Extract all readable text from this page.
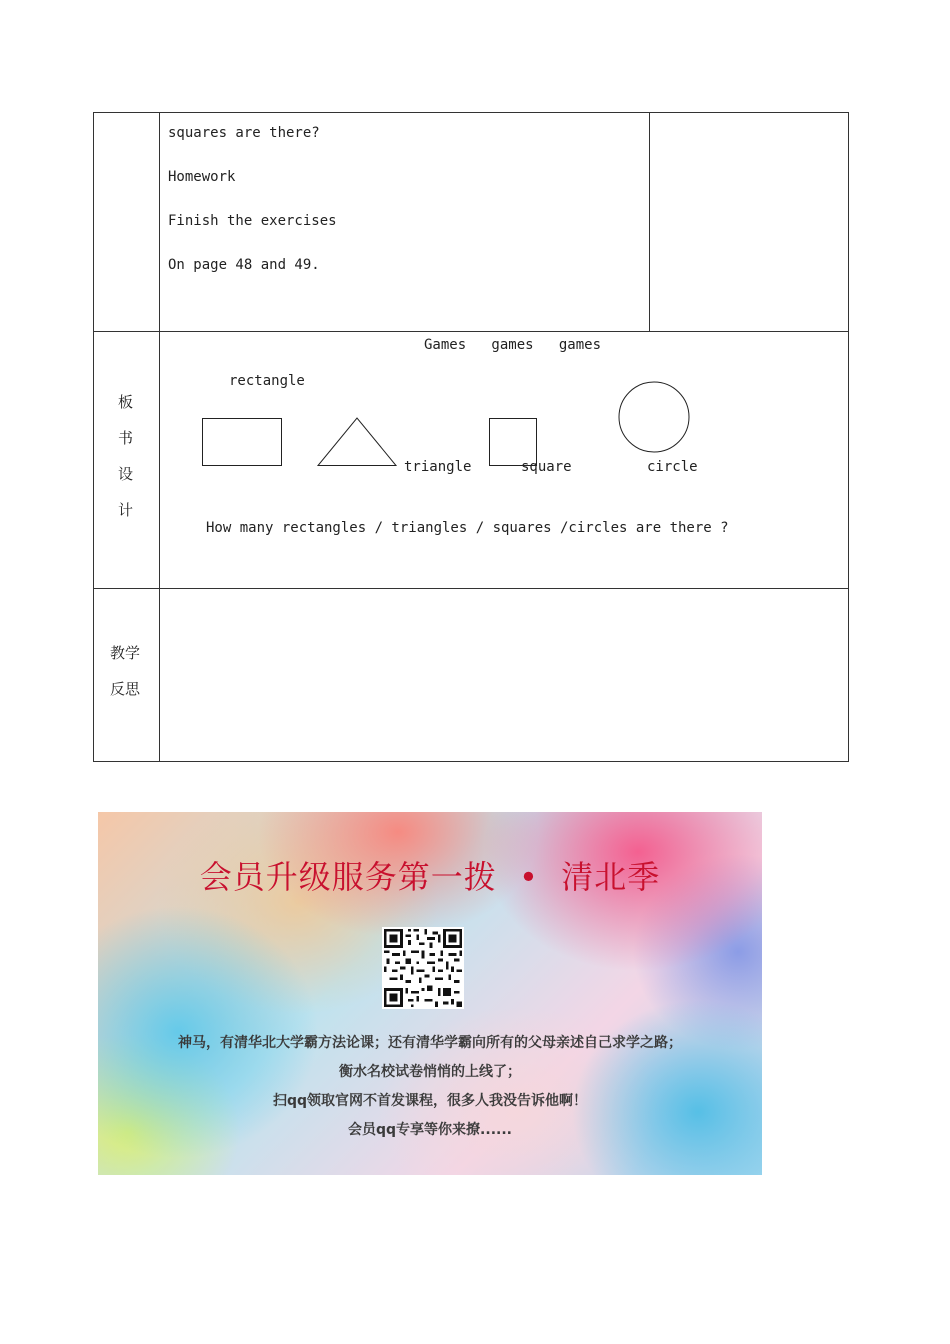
squares are there?
Homework
Finish the exercises
On page 48 and 49.
板
书
设
计
Games   games   games
rectangle
triangle	square	circle
How many rectangles / triangles / squares /circles are there ?
教学
反思
会员升级服务第一拨  •  清北季
神马，有清华北大学霸方法论课；还有清华学霸向所有的父母亲述自己求学之路；
衡水名校试卷悄悄的上线了；
扫qq领取官网不首发课程，很多人我没告诉他啊！
会员qq专享等你来撩......
